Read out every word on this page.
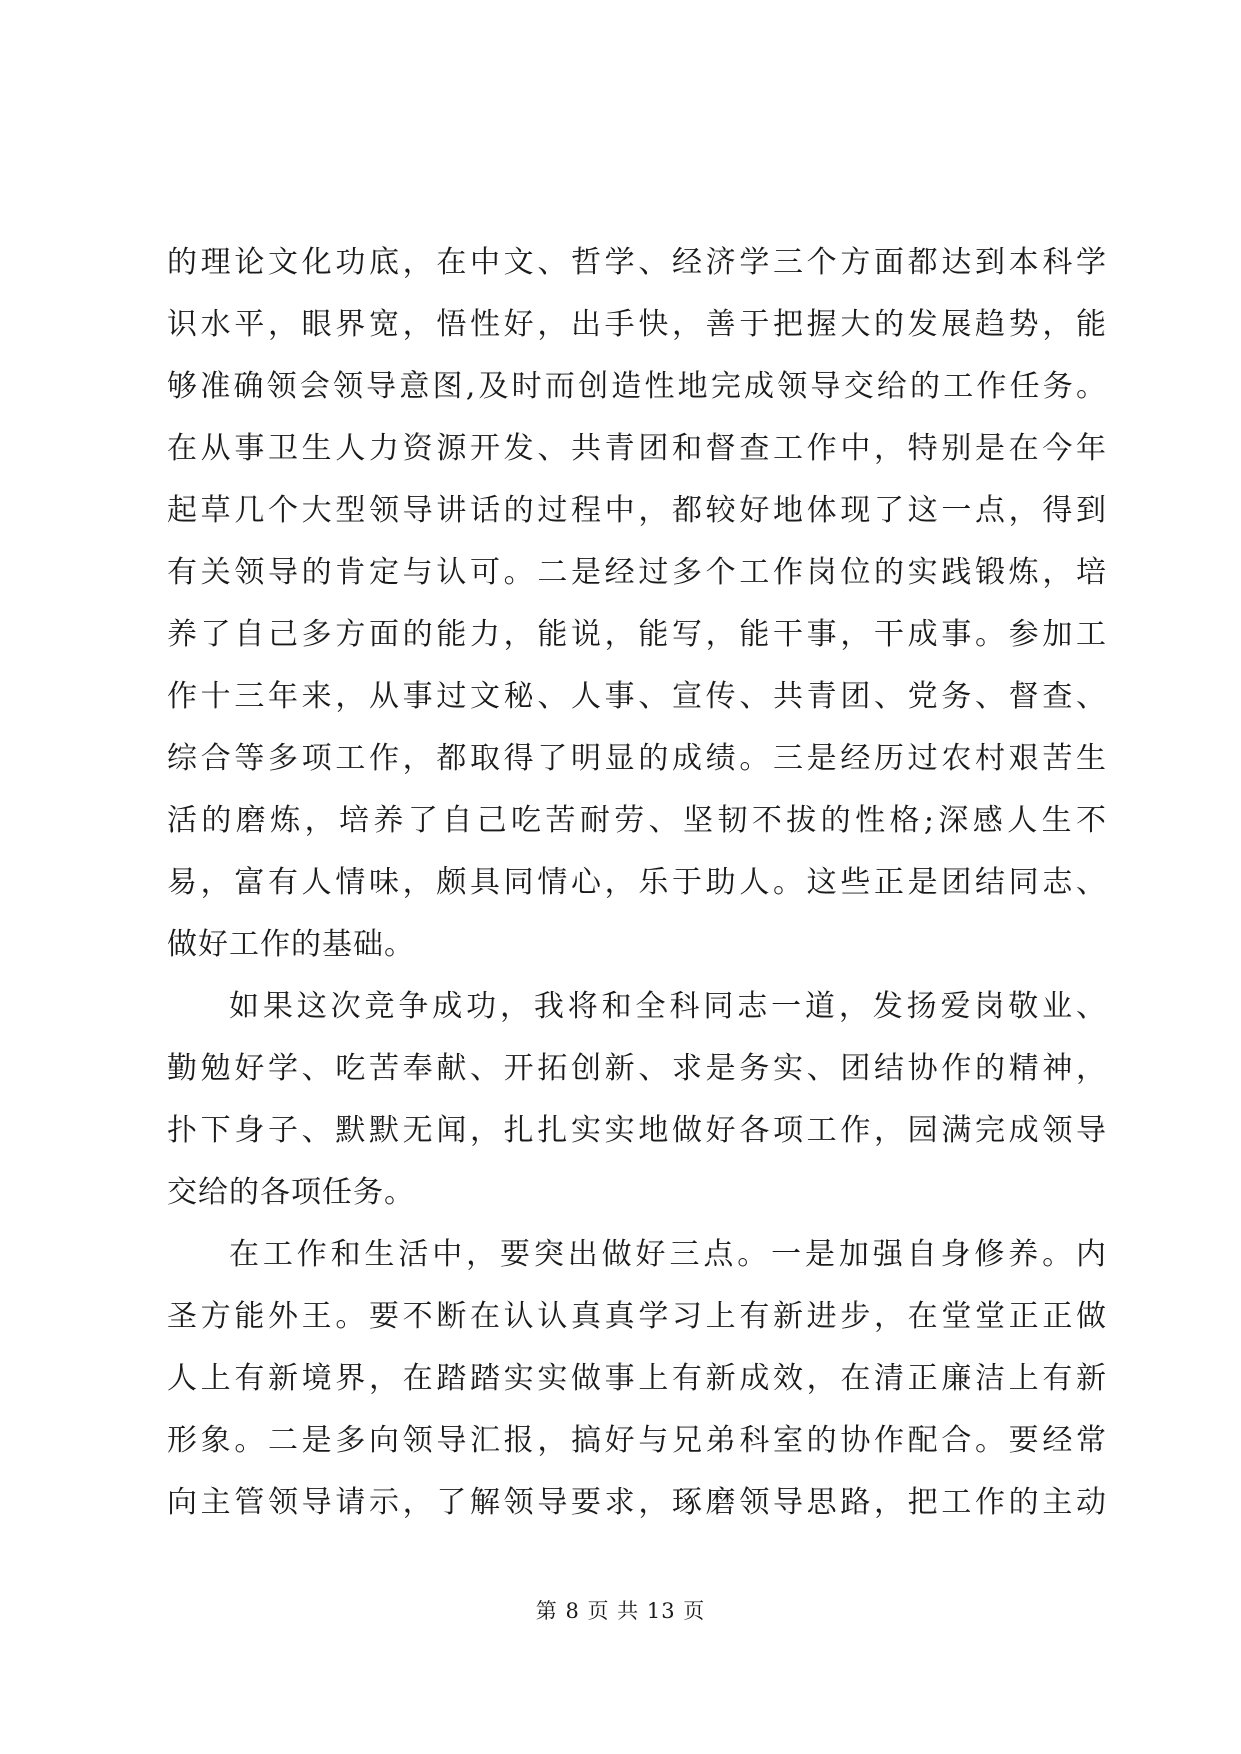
的理论文化功底，在中文、哲学、经济学三个方面都达到本科学
识水平，眼界宽，悟性好，出手快，善于把握大的发展趋势，能
够准确领会领导意图,及时而创造性地完成领导交给的工作任务。
在从事卫生人力资源开发、共青团和督查工作中，特别是在今年
起草几个大型领导讲话的过程中，都较好地体现了这一点，得到
有关领导的肯定与认可。二是经过多个工作岗位的实践锻炼，培
养了自己多方面的能力，能说，能写，能干事，干成事。参加工
作十三年来，从事过文秘、人事、宣传、共青团、党务、督查、
综合等多项工作，都取得了明显的成绩。三是经历过农村艰苦生
活的磨炼，培养了自己吃苦耐劳、坚韧不拔的性格;深感人生不
易，富有人情味，颇具同情心，乐于助人。这些正是团结同志、
做好工作的基础。
如果这次竞争成功，我将和全科同志一道，发扬爱岗敬业、
勤勉好学、吃苦奉献、开拓创新、求是务实、团结协作的精神，
扑下身子、默默无闻，扎扎实实地做好各项工作，园满完成领导
交给的各项任务。
在工作和生活中，要突出做好三点。一是加强自身修养。内
圣方能外王。要不断在认认真真学习上有新进步，在堂堂正正做
人上有新境界，在踏踏实实做事上有新成效，在清正廉洁上有新
形象。二是多向领导汇报，搞好与兄弟科室的协作配合。要经常
向主管领导请示，了解领导要求，琢磨领导思路，把工作的主动
第 8 页 共 13 页
